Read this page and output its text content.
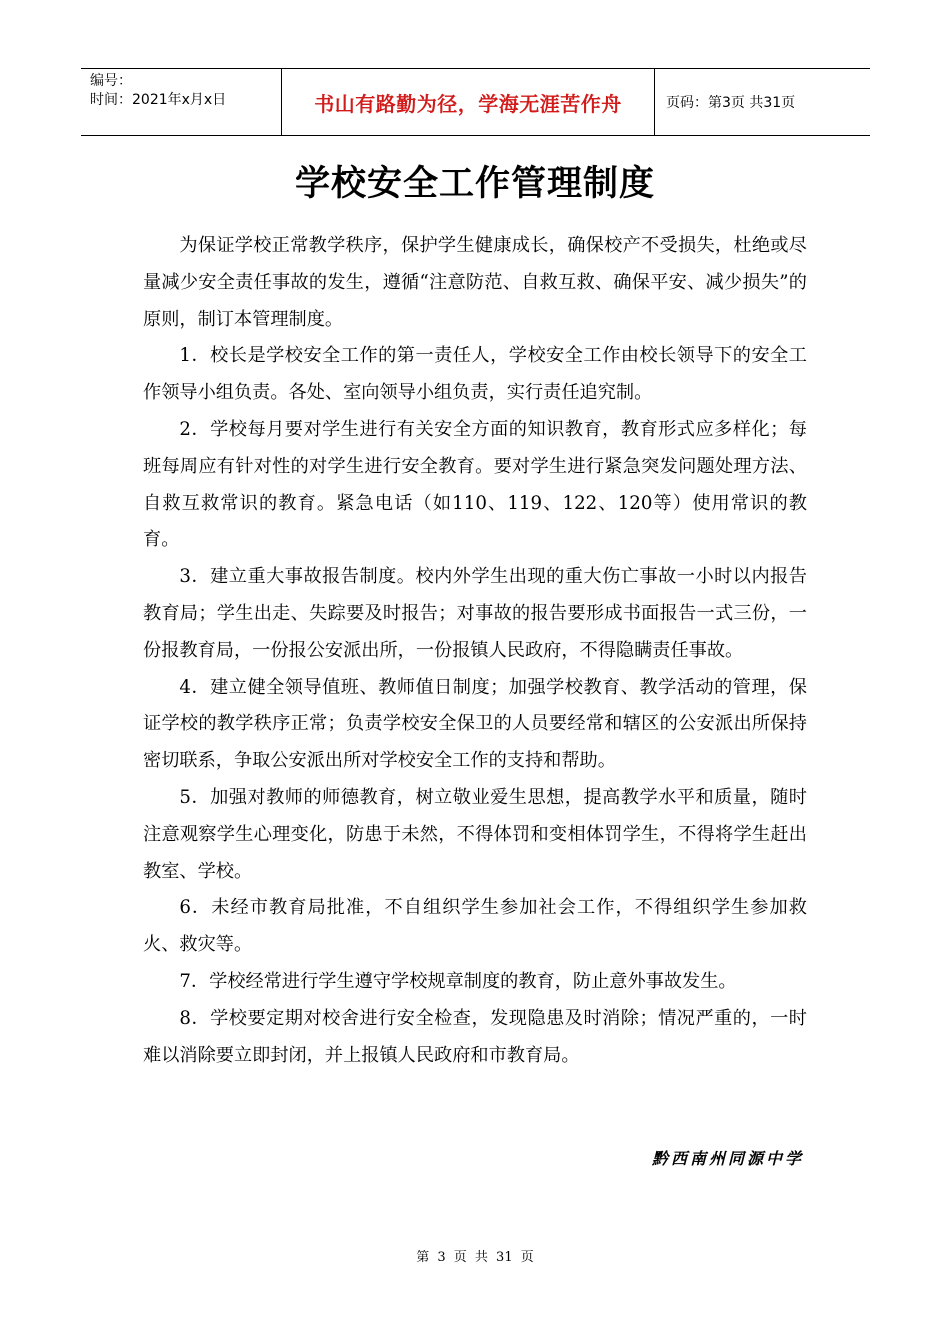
编号：
时间：2021年x月x日	书山有路勤为径，学海无涯苦作舟	页码：第3页 共31页
学校安全工作管理制度

为保证学校正常教学秩序，保护学生健康成长，确保校产不受损失，杜绝或尽量减少安全责任事故的发生，遵循“注意防范、自救互救、确保平安、减少损失”的原则，制订本管理制度。

1．校长是学校安全工作的第一责任人，学校安全工作由校长领导下的安全工作领导小组负责。各处、室向领导小组负责，实行责任追究制。

2．学校每月要对学生进行有关安全方面的知识教育，教育形式应多样化；每班每周应有针对性的对学生进行安全教育。要对学生进行紧急突发问题处理方法、自救互救常识的教育。紧急电话（如110、119、122、120等）使用常识的教育。

3．建立重大事故报告制度。校内外学生出现的重大伤亡事故一小时以内报告教育局；学生出走、失踪要及时报告；对事故的报告要形成书面报告一式三份，一份报教育局，一份报公安派出所，一份报镇人民政府，不得隐瞒责任事故。

4．建立健全领导值班、教师值日制度；加强学校教育、教学活动的管理，保证学校的教学秩序正常；负责学校安全保卫的人员要经常和辖区的公安派出所保持密切联系，争取公安派出所对学校安全工作的支持和帮助。

5．加强对教师的师德教育，树立敬业爱生思想，提高教学水平和质量，随时注意观察学生心理变化，防患于未然，不得体罚和变相体罚学生，不得将学生赶出教室、学校。

6．未经市教育局批准，不自组织学生参加社会工作，不得组织学生参加救火、救灾等。

7．学校经常进行学生遵守学校规章制度的教育，防止意外事故发生。

8．学校要定期对校舍进行安全检查，发现隐患及时消除；情况严重的，一时难以消除要立即封闭，并上报镇人民政府和市教育局。

黔西南州同源中学
第 3 页 共 31 页
